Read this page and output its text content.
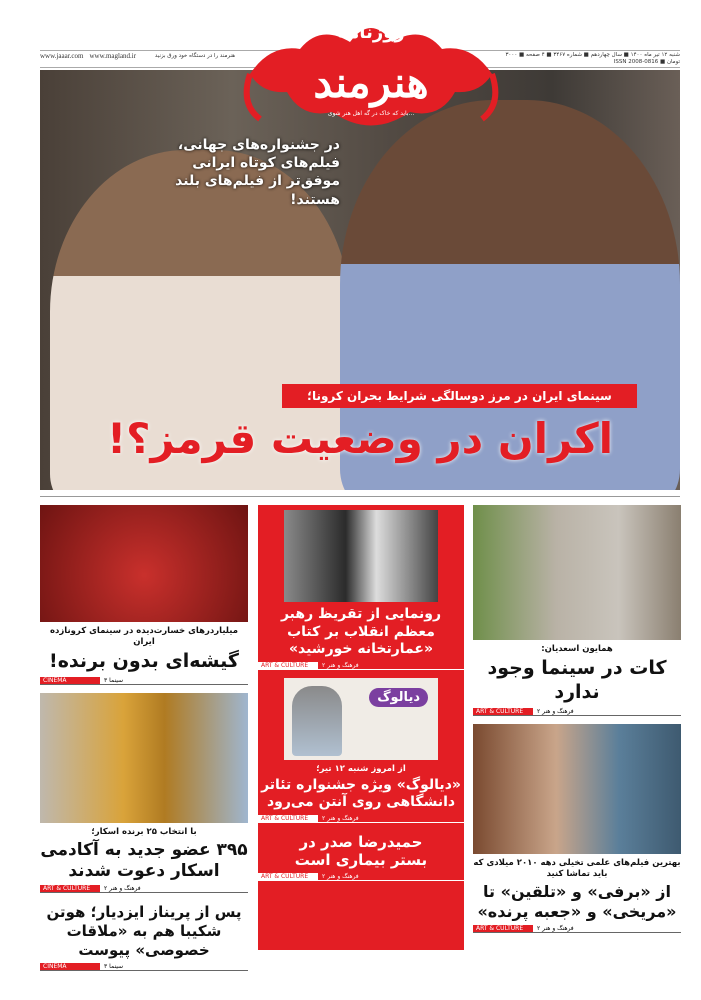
www.jaaar.com www.magland.ir	هنرمند را در دستگاه خود ورق بزنید	شنبه ۱۲ تیر ماه ۱۴۰۰ ■ سال چهاردهم ■ شماره ۳۴۶۷ ■ ۴ صفحه ■ ۳۰۰۰ تومان ■ ISSN 2008-0816
روزنامه
هنرمند
...باید که خاک در گه اهل هنر شوی
در جشنواره‌های جهانی، فیلم‌های کوتاه ایرانی موفق‌تر از فیلم‌های بلند هستند!
سینمای ایران در مرز دوسالگی شرایط بحران کرونا؛
اکران در وضعیت قرمز؟!
میلیاردرهای خسارت‌دیده در سینمای کرونازده ایران
گیشه‌ای بدون برنده!
CINEMA	سینما ۳
با انتخاب ۲۵ برنده اسکار؛
۳۹۵ عضو جدید به آکادمی اسکار دعوت شدند
ART & CULTURE	فرهنگ و هنر ۲
پس از پریناز ایزدیار؛ هوتن شکیبا هم به «ملاقات خصوصی» پیوست
CINEMA	سینما ۳
رونمایی از تقریظ رهبر معظم انقلاب بر کتاب «عمارتخانه خورشید»
ART & CULTURE	فرهنگ و هنر ۲
دیالوگ
از امروز شنبه ۱۲ تیر؛
«دیالوگ» ویژه جشنواره تئاتر دانشگاهی روی آنتن می‌رود
ART & CULTURE	فرهنگ و هنر ۲
حمیدرضا صدر در بستر بیماری است
ART & CULTURE	فرهنگ و هنر ۲
همایون اسعدیان:
کات در سینما وجود ندارد
ART & CULTURE	فرهنگ و هنر ۲
بهترین فیلم‌های علمی تخیلی دهه ۲۰۱۰ میلادی که باید تماشا کنید
از «برفی» و «تلقین» تا «مریخی» و «جعبه پرنده»
ART & CULTURE	فرهنگ و هنر ۲
